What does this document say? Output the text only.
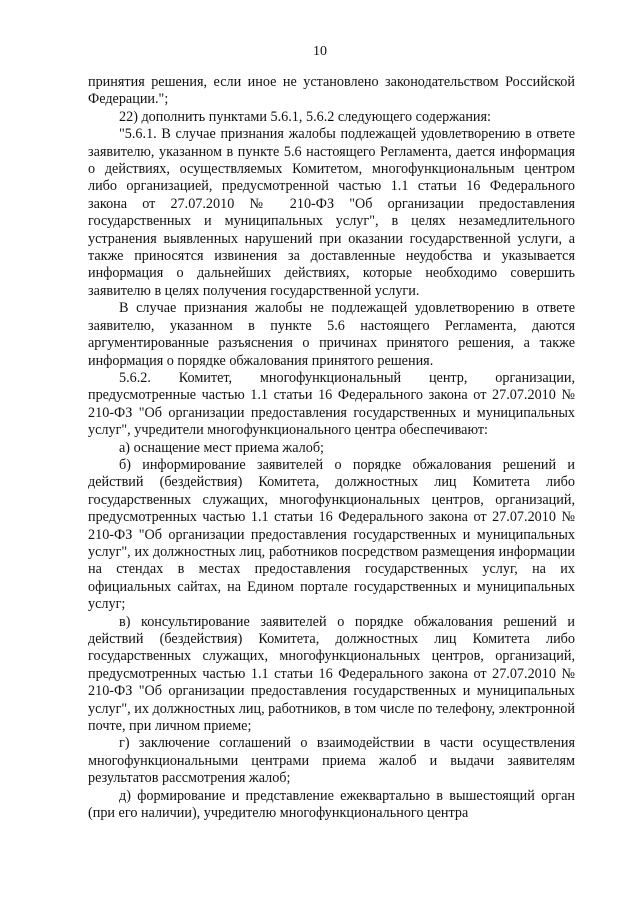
10

принятия решения, если иное не установлено законодательством Российской Федерации.";

22) дополнить пунктами 5.6.1, 5.6.2 следующего содержания:

"5.6.1. В случае признания жалобы подлежащей удовлетворению в ответе заявителю, указанном в пункте 5.6 настоящего Регламента, дается информация о действиях, осуществляемых Комитетом, многофункциональным центром либо организацией, предусмотренной частью 1.1 статьи 16 Федерального закона от 27.07.2010 № 210-ФЗ "Об организации предоставления государственных и муниципальных услуг", в целях незамедлительного устранения выявленных нарушений при оказании государственной услуги, а также приносятся извинения за доставленные неудобства и указывается информация о дальнейших действиях, которые необходимо совершить заявителю в целях получения государственной услуги.

В случае признания жалобы не подлежащей удовлетворению в ответе заявителю, указанном в пункте 5.6 настоящего Регламента, даются аргументированные разъяснения о причинах принятого решения, а также информация о порядке обжалования принятого решения.

5.6.2. Комитет, многофункциональный центр, организации, предусмотренные частью 1.1 статьи 16 Федерального закона от 27.07.2010 № 210-ФЗ "Об организации предоставления государственных и муниципальных услуг", учредители многофункционального центра обеспечивают:

а) оснащение мест приема жалоб;

б) информирование заявителей о порядке обжалования решений и действий (бездействия) Комитета, должностных лиц Комитета либо государственных служащих, многофункциональных центров, организаций, предусмотренных частью 1.1 статьи 16 Федерального закона от 27.07.2010 № 210-ФЗ "Об организации предоставления государственных и муниципальных услуг", их должностных лиц, работников посредством размещения информации на стендах в местах предоставления государственных услуг, на их официальных сайтах, на Едином портале государственных и муниципальных услуг;

в) консультирование заявителей о порядке обжалования решений и действий (бездействия) Комитета, должностных лиц Комитета либо государственных служащих, многофункциональных центров, организаций, предусмотренных частью 1.1 статьи 16 Федерального закона от 27.07.2010 № 210-ФЗ "Об организации предоставления государственных и муниципальных услуг", их должностных лиц, работников, в том числе по телефону, электронной почте, при личном приеме;

г) заключение соглашений о взаимодействии в части осуществления многофункциональными центрами приема жалоб и выдачи заявителям результатов рассмотрения жалоб;

д) формирование и представление ежеквартально в вышестоящий орган (при его наличии), учредителю многофункционального центра
